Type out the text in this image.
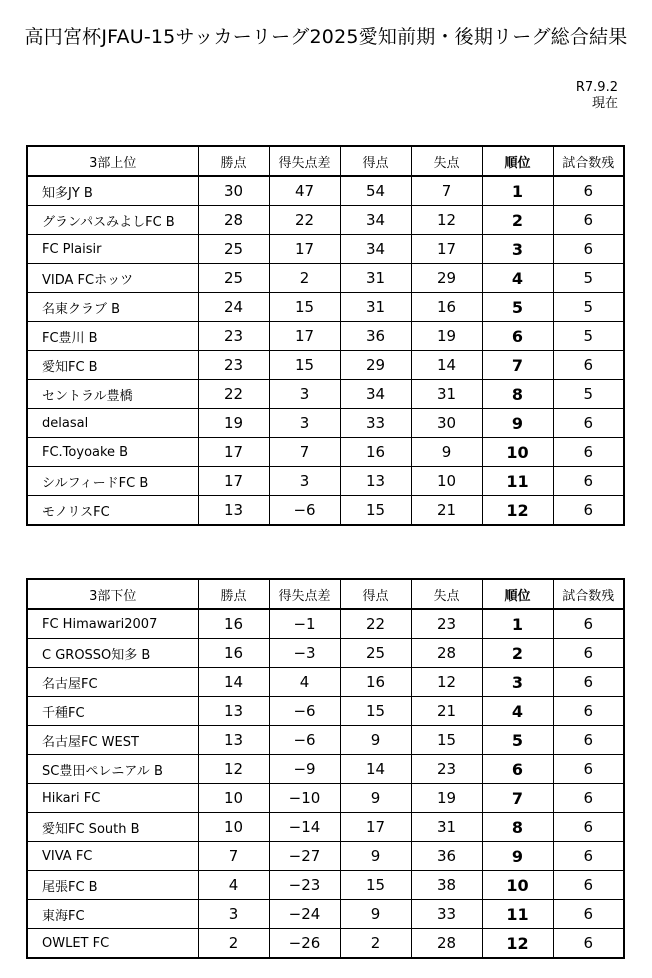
高円宮杯JFAU-15サッカーリーグ2025愛知前期・後期リーグ総合結果
R7.9.2
現在
3部上位	勝点	得失点差	得点	失点	順位	試合数残
知多JY B	30	47	54	7	1	6
グランパスみよしFC B	28	22	34	12	2	6
FC Plaisir	25	17	34	17	3	6
VIDA FCホッツ	25	2	31	29	4	5
名東クラブ B	24	15	31	16	5	5
FC豊川 B	23	17	36	19	6	5
愛知FC B	23	15	29	14	7	6
セントラル豊橋	22	3	34	31	8	5
delasal	19	3	33	30	9	6
FC.Toyoake B	17	7	16	9	10	6
シルフィードFC B	17	3	13	10	11	6
モノリスFC	13	−6	15	21	12	6
3部下位	勝点	得失点差	得点	失点	順位	試合数残
FC Himawari2007	16	−1	22	23	1	6
C GROSSO知多 B	16	−3	25	28	2	6
名古屋FC	14	4	16	12	3	6
千種FC	13	−6	15	21	4	6
名古屋FC WEST	13	−6	9	15	5	6
SC豊田ペレニアル B	12	−9	14	23	6	6
Hikari FC	10	−10	9	19	7	6
愛知FC South B	10	−14	17	31	8	6
VIVA FC	7	−27	9	36	9	6
尾張FC B	4	−23	15	38	10	6
東海FC	3	−24	9	33	11	6
OWLET FC	2	−26	2	28	12	6
